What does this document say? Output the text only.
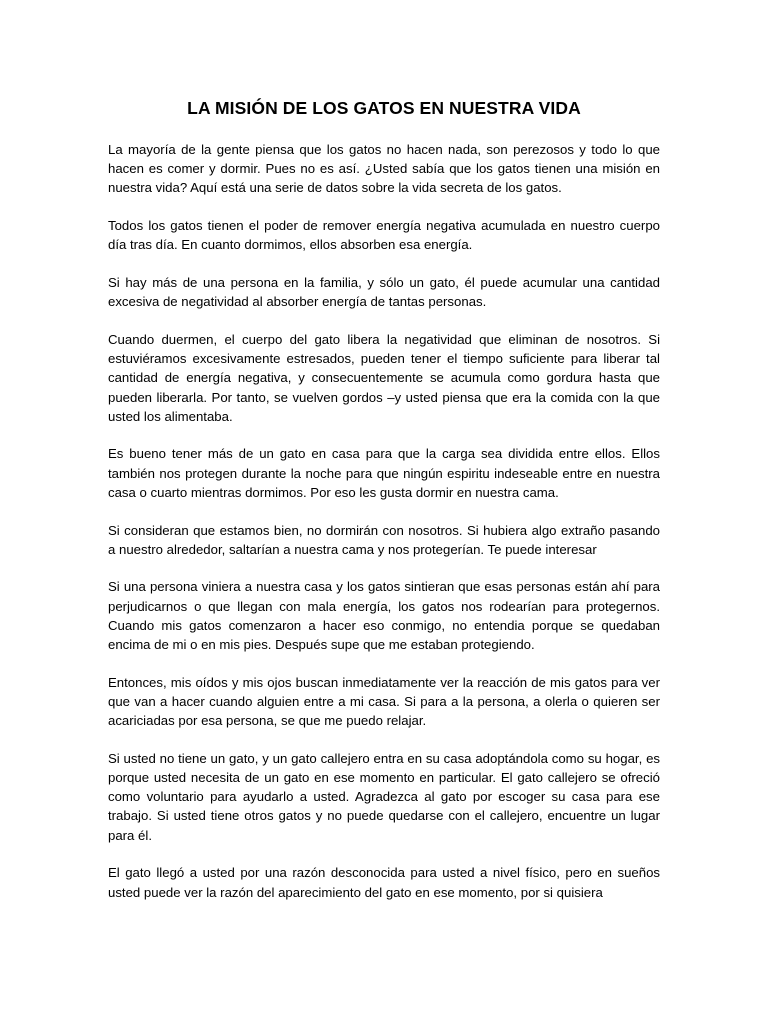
LA MISIÓN DE LOS GATOS EN NUESTRA VIDA

La mayoría de la gente piensa que los gatos no hacen nada, son perezosos y todo lo que hacen es comer y dormir. Pues no es así. ¿Usted sabía que los gatos tienen una misión en nuestra vida? Aquí está una serie de datos sobre la vida secreta de los gatos.

Todos los gatos tienen el poder de remover energía negativa acumulada en nuestro cuerpo día tras día. En cuanto dormimos, ellos absorben esa energía.

Si hay más de una persona en la familia, y sólo un gato, él puede acumular una cantidad excesiva de negatividad al absorber energía de tantas personas.

Cuando duermen, el cuerpo del gato libera la negatividad que eliminan de nosotros. Si estuviéramos excesivamente estresados, pueden tener el tiempo suficiente para liberar tal cantidad de energía negativa, y consecuentemente se acumula como gordura hasta que pueden liberarla. Por tanto, se vuelven gordos –y usted piensa que era la comida con la que usted los alimentaba.

Es bueno tener más de un gato en casa para que la carga sea dividida entre ellos. Ellos también nos protegen durante la noche para que ningún espiritu indeseable entre en nuestra casa o cuarto mientras dormimos. Por eso les gusta dormir en nuestra cama.

Si consideran que estamos bien, no dormirán con nosotros. Si hubiera algo extraño pasando a nuestro alrededor, saltarían a nuestra cama y nos protegerían. Te puede interesar

Si una persona viniera a nuestra casa y los gatos sintieran que esas personas están ahí para perjudicarnos o que llegan con mala energía, los gatos nos rodearían para protegernos. Cuando mis gatos comenzaron a hacer eso conmigo, no entendia porque se quedaban encima de mi o en mis pies. Después supe que me estaban protegiendo.

Entonces, mis oídos y mis ojos buscan inmediatamente ver la reacción de mis gatos para ver que van a hacer cuando alguien entre a mi casa. Si para a la persona, a olerla o quieren ser acariciadas por esa persona, se que me puedo relajar.

Si usted no tiene un gato, y un gato callejero entra en su casa adoptándola como su hogar, es porque usted necesita de un gato en ese momento en particular. El gato callejero se ofreció como voluntario para ayudarlo a usted. Agradezca al gato por escoger su casa para ese trabajo. Si usted tiene otros gatos y no puede quedarse con el callejero, encuentre un lugar para él.

El gato llegó a usted por una razón desconocida para usted a nivel físico, pero en sueños usted puede ver la razón del aparecimiento del gato en ese momento, por si quisiera
